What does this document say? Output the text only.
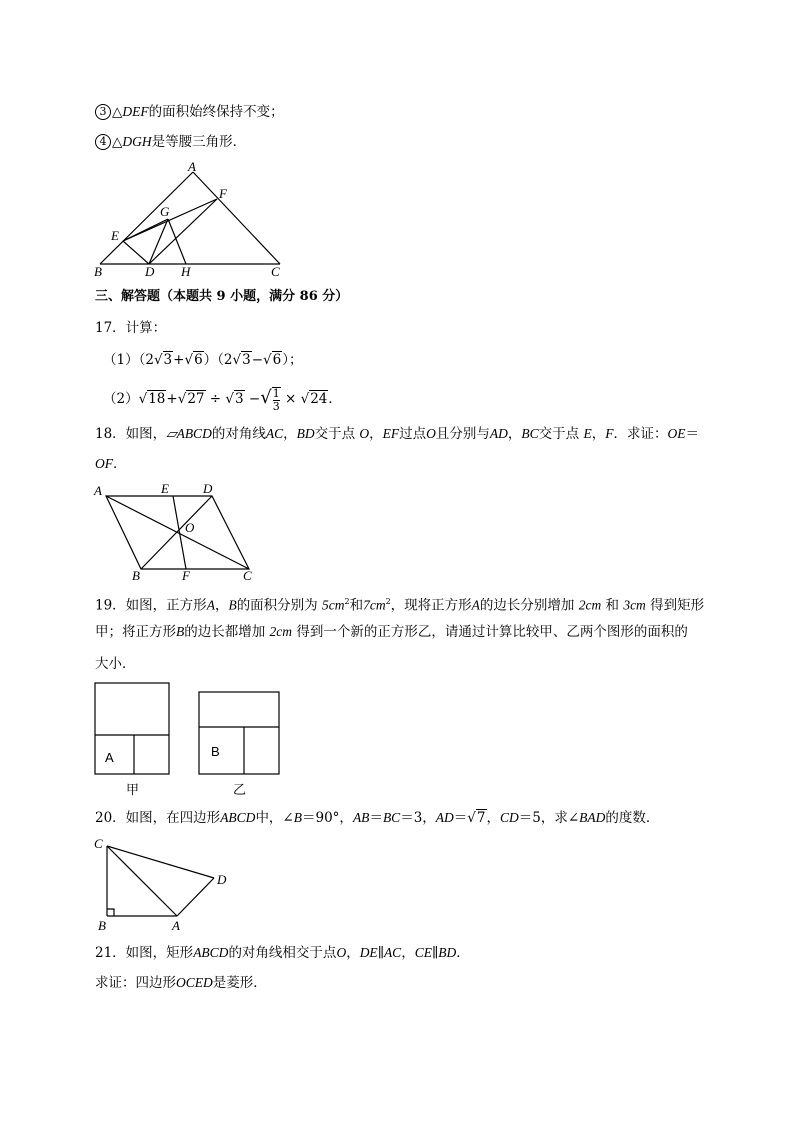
3 △DEF的面积始终保持不变；
4 △DGH是等腰三角形．
A
F
G
E
B	D H	C
三、解答题（本题共 9 小题，满分 86 分）
17．计算：
（1）（2√3+√6）（2√3−√6）；
（2）√18+√27 ÷ √3 −√ $\frac{1}{3} \times √24$．
18．如图，▱ABCD的对角线AC，BD交于点 O，EF过点O且分别与AD，BC交于点 E，F．求证：OE＝
OF．
A	E	D
O
B	F	C
19．如图，正方形A，B的面积分别为 $5cm^2$和$7cm^2$，现将正方形A的边长分别增加 2cm 和 3cm 得到矩形
甲；将正方形B的边长都增加 2cm 得到一个新的正方形乙，请通过计算比较甲、乙两个图形的面积的
大小．
A	B
甲	乙
20．如图，在四边形ABCD中，∠B＝90°，AB＝BC＝3，AD＝√7，CD＝5，求∠BAD的度数．
C
D
B	A
21．如图，矩形ABCD的对角线相交于点O，DE∥AC，CE∥BD．
求证：四边形OCED是菱形．
